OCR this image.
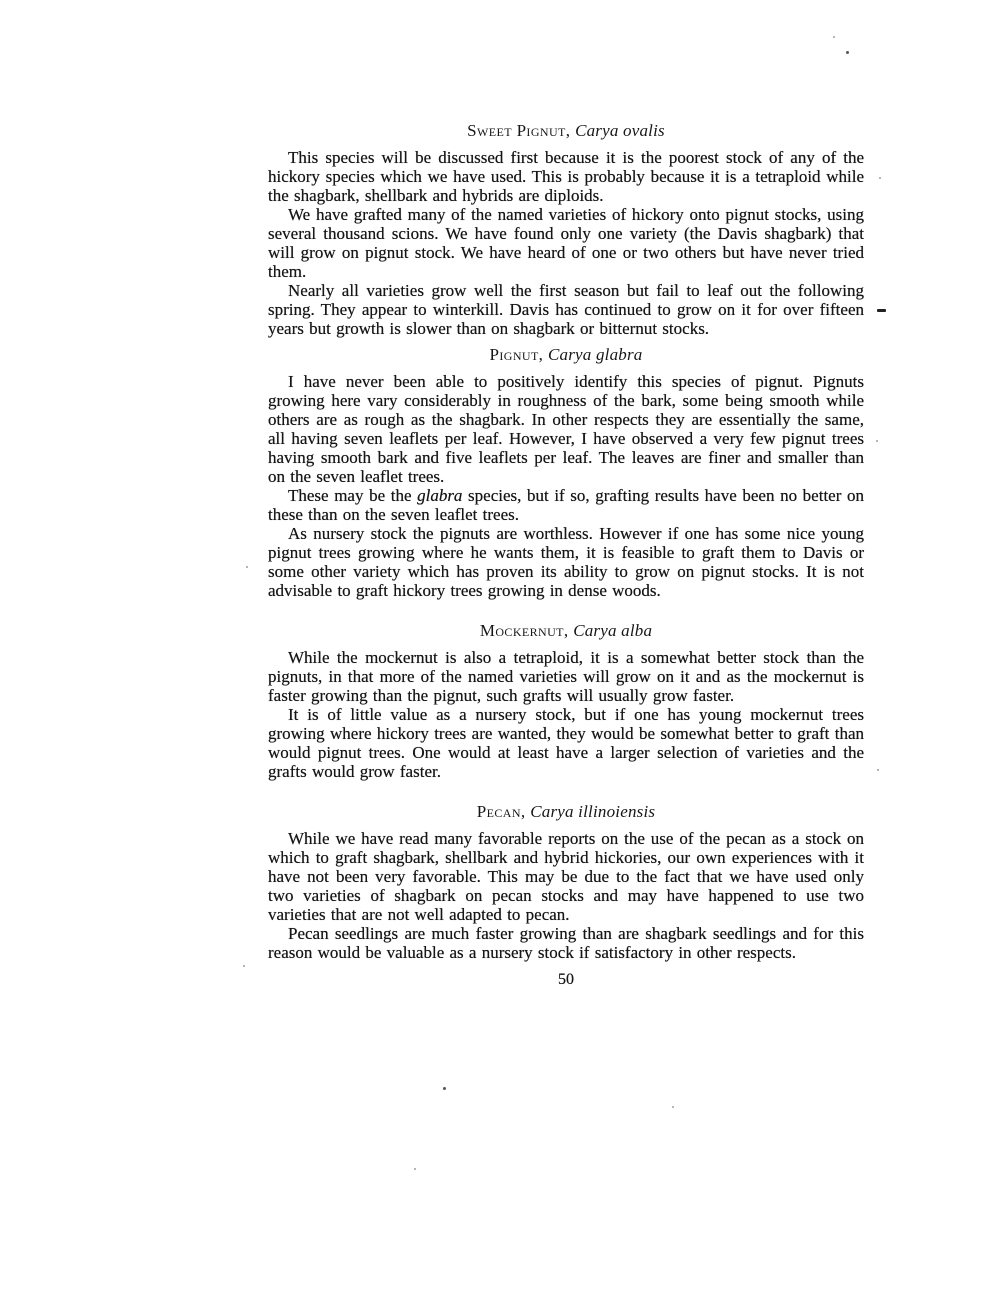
Sweet Pignut, Carya ovalis

This species will be discussed first because it is the poorest stock of any of the hickory species which we have used. This is probably because it is a tetraploid while the shagbark, shellbark and hybrids are diploids.

We have grafted many of the named varieties of hickory onto pignut stocks, using several thousand scions. We have found only one variety (the Davis shagbark) that will grow on pignut stock. We have heard of one or two others but have never tried them.

Nearly all varieties grow well the first season but fail to leaf out the following spring. They appear to winterkill. Davis has continued to grow on it for over fifteen years but growth is slower than on shagbark or bitternut stocks.

Pignut, Carya glabra

I have never been able to positively identify this species of pignut. Pignuts growing here vary considerably in roughness of the bark, some being smooth while others are as rough as the shagbark. In other respects they are essentially the same, all having seven leaflets per leaf. However, I have observed a very few pignut trees having smooth bark and five leaflets per leaf. The leaves are finer and smaller than on the seven leaflet trees.

These may be the glabra species, but if so, grafting results have been no better on these than on the seven leaflet trees.

As nursery stock the pignuts are worthless. However if one has some nice young pignut trees growing where he wants them, it is feasible to graft them to Davis or some other variety which has proven its ability to grow on pignut stocks. It is not advisable to graft hickory trees growing in dense woods.

Mockernut, Carya alba

While the mockernut is also a tetraploid, it is a somewhat better stock than the pignuts, in that more of the named varieties will grow on it and as the mockernut is faster growing than the pignut, such grafts will usually grow faster.

It is of little value as a nursery stock, but if one has young mockernut trees growing where hickory trees are wanted, they would be somewhat better to graft than would pignut trees. One would at least have a larger selection of varieties and the grafts would grow faster.

Pecan, Carya illinoiensis

While we have read many favorable reports on the use of the pecan as a stock on which to graft shagbark, shellbark and hybrid hickories, our own experiences with it have not been very favorable. This may be due to the fact that we have used only two varieties of shagbark on pecan stocks and may have happened to use two varieties that are not well adapted to pecan.

Pecan seedlings are much faster growing than are shagbark seedlings and for this reason would be valuable as a nursery stock if satisfactory in other respects.

50
